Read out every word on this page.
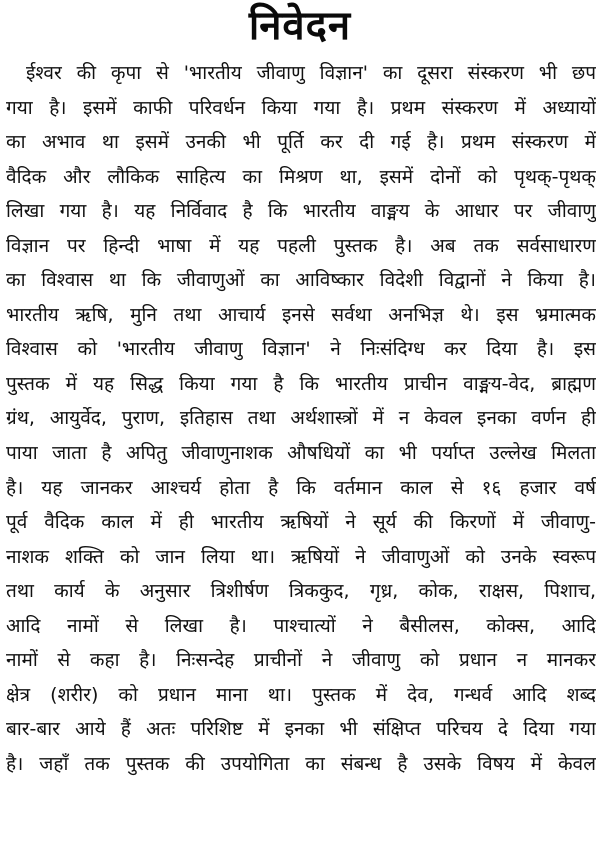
निवेदन
ईश्वर की कृपा से 'भारतीय जीवाणु विज्ञान' का दूसरा संस्करण भी छप
गया है। इसमें काफी परिवर्धन किया गया है। प्रथम संस्करण में अध्यायों
का अभाव था इसमें उनकी भी पूर्ति कर दी गई है। प्रथम संस्करण में
वैदिक और लौकिक साहित्य का मिश्रण था, इसमें दोनों को पृथक्-पृथक्
लिखा गया है। यह निर्विवाद है कि भारतीय वाङ्मय के आधार पर जीवाणु
विज्ञान पर हिन्दी भाषा में यह पहली पुस्तक है। अब तक सर्वसाधारण
का विश्वास था कि जीवाणुओं का आविष्कार विदेशी विद्वानों ने किया है।
भारतीय ऋषि, मुनि तथा आचार्य इनसे सर्वथा अनभिज्ञ थे। इस भ्रमात्मक
विश्वास को 'भारतीय जीवाणु विज्ञान' ने निःसंदिग्ध कर दिया है। इस
पुस्तक में यह सिद्ध किया गया है कि भारतीय प्राचीन वाङ्मय-वेद, ब्राह्मण
ग्रंथ, आयुर्वेद, पुराण, इतिहास तथा अर्थशास्त्रों में न केवल इनका वर्णन ही
पाया जाता है अपितु जीवाणुनाशक औषधियों का भी पर्याप्त उल्लेख मिलता
है। यह जानकर आश्चर्य होता है कि वर्तमान काल से १६ हजार वर्ष
पूर्व वैदिक काल में ही भारतीय ऋषियों ने सूर्य की किरणों में जीवाणु-
नाशक शक्ति को जान लिया था। ऋषियों ने जीवाणुओं को उनके स्वरूप
तथा कार्य के अनुसार त्रिशीर्षण त्रिककुद, गृध्र, कोक, राक्षस, पिशाच,
आदि नामों से लिखा है। पाश्चात्यों ने बैसीलस, कोक्स, आदि
नामों से कहा है। निःसन्देह प्राचीनों ने जीवाणु को प्रधान न मानकर
क्षेत्र (शरीर) को प्रधान माना था। पुस्तक में देव, गन्धर्व आदि शब्द
बार-बार आये हैं अतः परिशिष्ट में इनका भी संक्षिप्त परिचय दे दिया गया
है। जहाँ तक पुस्तक की उपयोगिता का संबन्ध है उसके विषय में केवल
